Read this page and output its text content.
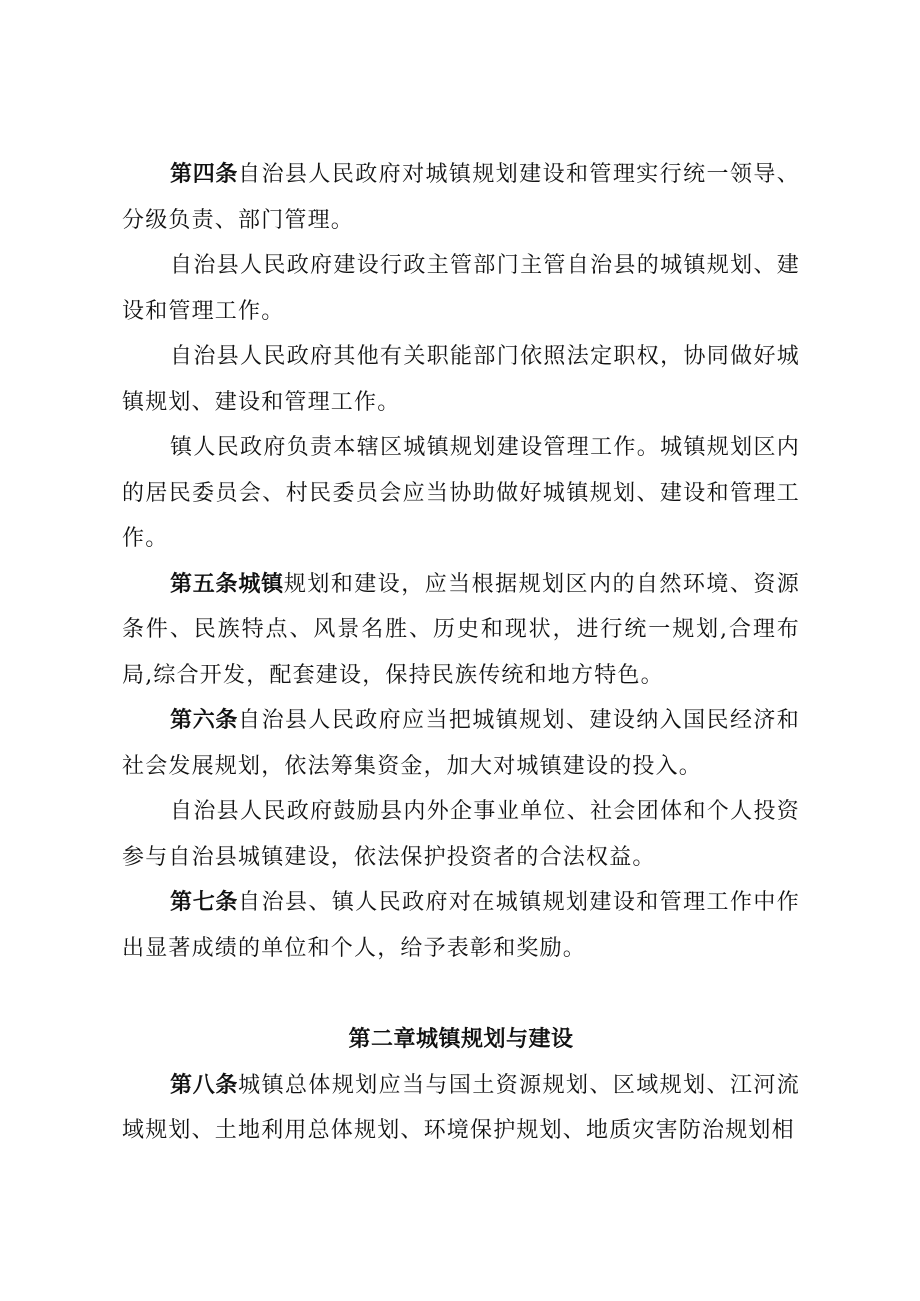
第四条自治县人民政府对城镇规划建设和管理实行统一领导、分级负责、部门管理。

自治县人民政府建设行政主管部门主管自治县的城镇规划、建设和管理工作。

自治县人民政府其他有关职能部门依照法定职权，协同做好城镇规划、建设和管理工作。

镇人民政府负责本辖区城镇规划建设管理工作。城镇规划区内的居民委员会、村民委员会应当协助做好城镇规划、建设和管理工作。

第五条城镇规划和建设，应当根据规划区内的自然环境、资源条件、民族特点、风景名胜、历史和现状，进行统一规划,合理布局,综合开发，配套建设，保持民族传统和地方特色。

第六条自治县人民政府应当把城镇规划、建设纳入国民经济和社会发展规划，依法筹集资金，加大对城镇建设的投入。

自治县人民政府鼓励县内外企事业单位、社会团体和个人投资参与自治县城镇建设，依法保护投资者的合法权益。

第七条自治县、镇人民政府对在城镇规划建设和管理工作中作出显著成绩的单位和个人，给予表彰和奖励。

第二章城镇规划与建设

第八条城镇总体规划应当与国土资源规划、区域规划、江河流域规划、土地利用总体规划、环境保护规划、地质灾害防治规划相
